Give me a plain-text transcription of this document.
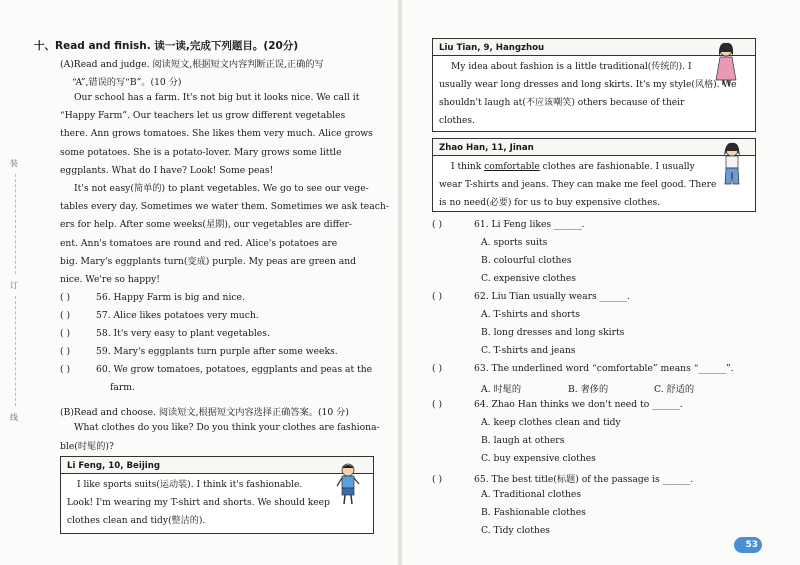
装
订
线
十、Read and finish. 读一读,完成下列题目。(20分)
(A)Read and judge. 阅读短文,根据短文内容判断正误,正确的写
“A”,错误的写“B”。(10 分)
Our school has a farm. It's not big but it looks nice. We call it
“Happy Farm”. Our teachers let us grow different vegetables
there. Ann grows tomatoes. She likes them very much. Alice grows
some potatoes. She is a potato-lover. Mary grows some little
eggplants. What do I have? Look! Some peas!
It's not easy(简单的) to plant vegetables. We go to see our vege-
tables every day. Sometimes we water them. Sometimes we ask teach-
ers for help. After some weeks(星期), our vegetables are differ-
ent. Ann's tomatoes are round and red. Alice's potatoes are
big. Mary's eggplants turn(变成) purple. My peas are green and
nice. We're so happy!
( )	56. Happy Farm is big and nice.
( )	57. Alice likes potatoes very much.
( )	58. It's very easy to plant vegetables.
( )	59. Mary's eggplants turn purple after some weeks.
( )	60. We grow tomatoes, potatoes, eggplants and peas at the
farm.
(B)Read and choose. 阅读短文,根据短文内容选择正确答案。(10 分)
What clothes do you like? Do you think your clothes are fashiona-
ble(时髦的)?
Li Feng, 10, Beijing
I like sports suits(运动装). I think it's fashionable.
Look! I'm wearing my T-shirt and shorts. We should keep
clothes clean and tidy(整洁的).
Liu Tian, 9, Hangzhou
My idea about fashion is a little traditional(传统的). I
usually wear long dresses and long skirts. It's my style(风格). We
shouldn't laugh at(不应该嘲笑) others because of their
clothes.
Zhao Han, 11, Jinan
I think comfortable clothes are fashionable. I usually
wear T-shirts and jeans. They can make me feel good. There
is no need(必要) for us to buy expensive clothes.
( )	61. Li Feng likes ______.
A. sports suits
B. colourful clothes
C. expensive clothes
( )	62. Liu Tian usually wears ______.
A. T-shirts and shorts
B. long dresses and long skirts
C. T-shirts and jeans
( )	63. The underlined word “comfortable” means “______”.
A. 时髦的	B. 奢侈的	C. 舒适的
( )	64. Zhao Han thinks we don't need to ______.
A. keep clothes clean and tidy
B. laugh at others
C. buy expensive clothes
( )	65. The best title(标题) of the passage is ______.
A. Traditional clothes
B. Fashionable clothes
C. Tidy clothes
53
